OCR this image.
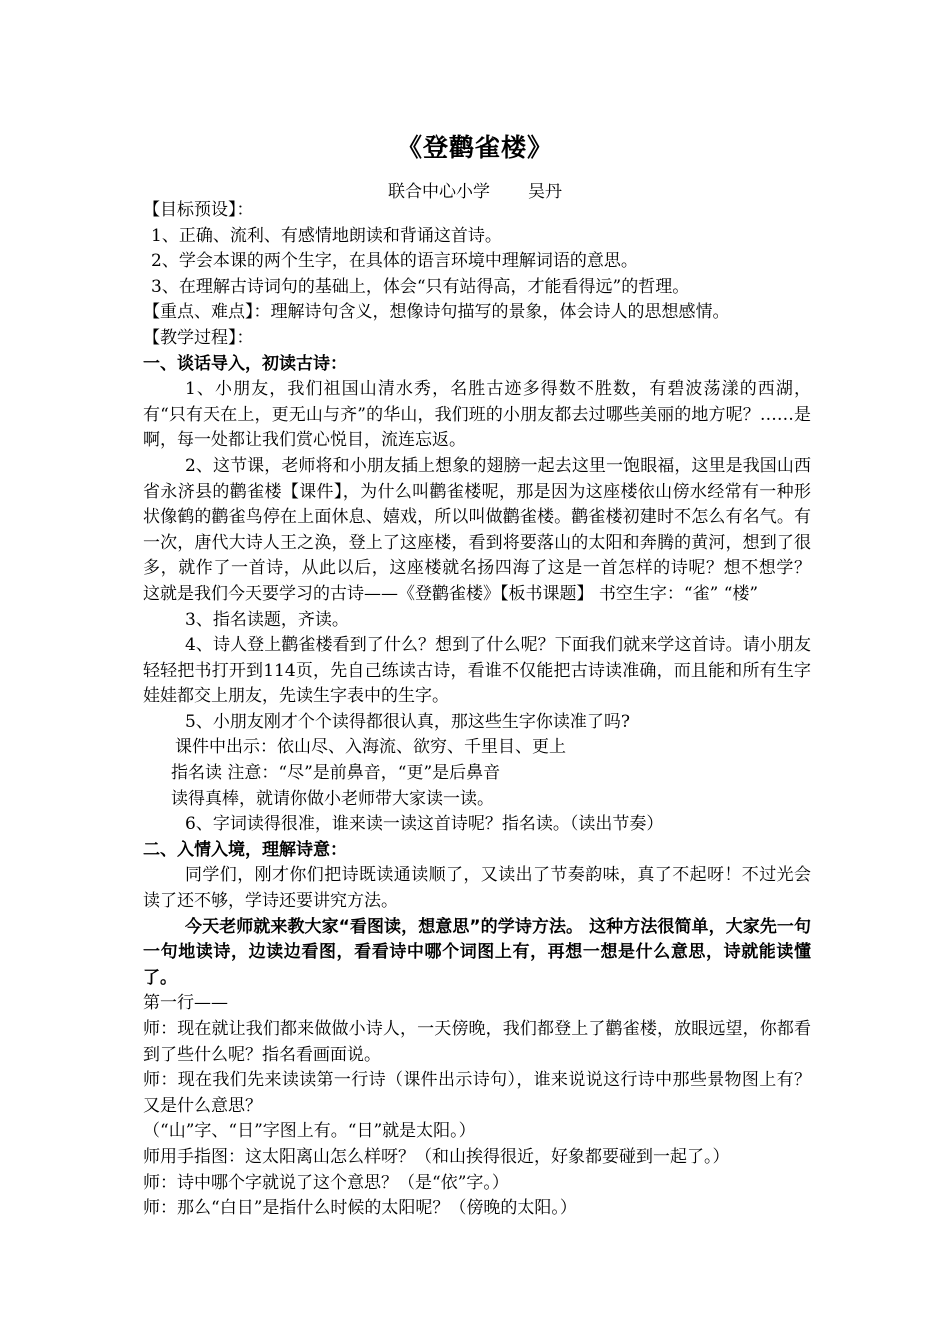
《登鹳雀楼》
联合中心小学 吴丹

【目标预设】：

1、正确、流利、有感情地朗读和背诵这首诗。

2、学会本课的两个生字，在具体的语言环境中理解词语的意思。

3、在理解古诗词句的基础上，体会“只有站得高，才能看得远”的哲理。

【重点、难点】：理解诗句含义，想像诗句描写的景象，体会诗人的思想感情。

【教学过程】：

一、谈话导入，初读古诗：

1、小朋友，我们祖国山清水秀，名胜古迹多得数不胜数，有碧波荡漾的西湖，有“只有天在上，更无山与齐”的华山，我们班的小朋友都去过哪些美丽的地方呢？……是啊，每一处都让我们赏心悦目，流连忘返。

2、这节课，老师将和小朋友插上想象的翅膀一起去这里一饱眼福，这里是我国山西省永济县的鹳雀楼【课件】，为什么叫鹳雀楼呢，那是因为这座楼依山傍水经常有一种形状像鹤的鹳雀鸟停在上面休息、嬉戏，所以叫做鹳雀楼。鹳雀楼初建时不怎么有名气。有一次，唐代大诗人王之涣，登上了这座楼，看到将要落山的太阳和奔腾的黄河，想到了很多，就作了一首诗，从此以后，这座楼就名扬四海了这是一首怎样的诗呢？想不想学？ 这就是我们今天要学习的古诗——《登鹳雀楼》【板书课题】 书空生字：“雀” “楼”

3、指名读题，齐读。

4、诗人登上鹳雀楼看到了什么？想到了什么呢？下面我们就来学这首诗。请小朋友轻轻把书打开到114页，先自己练读古诗，看谁不仅能把古诗读准确，而且能和所有生字娃娃都交上朋友，先读生字表中的生字。

5、小朋友刚才个个读得都很认真，那这些生字你读准了吗?

课件中出示：依山尽、入海流、欲穷、千里目、更上

指名读 注意：“尽”是前鼻音，“更”是后鼻音

读得真棒，就请你做小老师带大家读一读。

6、字词读得很准，谁来读一读这首诗呢？指名读。（读出节奏）

二、入情入境，理解诗意：

同学们，刚才你们把诗既读通读顺了，又读出了节奏韵味，真了不起呀！不过光会读了还不够，学诗还要讲究方法。

今天老师就来教大家“看图读，想意思”的学诗方法。 这种方法很简单，大家先一句一句地读诗，边读边看图，看看诗中哪个词图上有，再想一想是什么意思，诗就能读懂了。

第一行——

师：现在就让我们都来做做小诗人，一天傍晚，我们都登上了鹳雀楼，放眼远望，你都看到了些什么呢？指名看画面说。

师：现在我们先来读读第一行诗（课件出示诗句），谁来说说这行诗中那些景物图上有？又是什么意思？

（“山”字、“日”字图上有。“日”就是太阳。）

师用手指图：这太阳离山怎么样呀？（和山挨得很近，好象都要碰到一起了。）

师：诗中哪个字就说了这个意思？（是“依”字。）

师：那么“白日”是指什么时候的太阳呢？（傍晚的太阳。）
